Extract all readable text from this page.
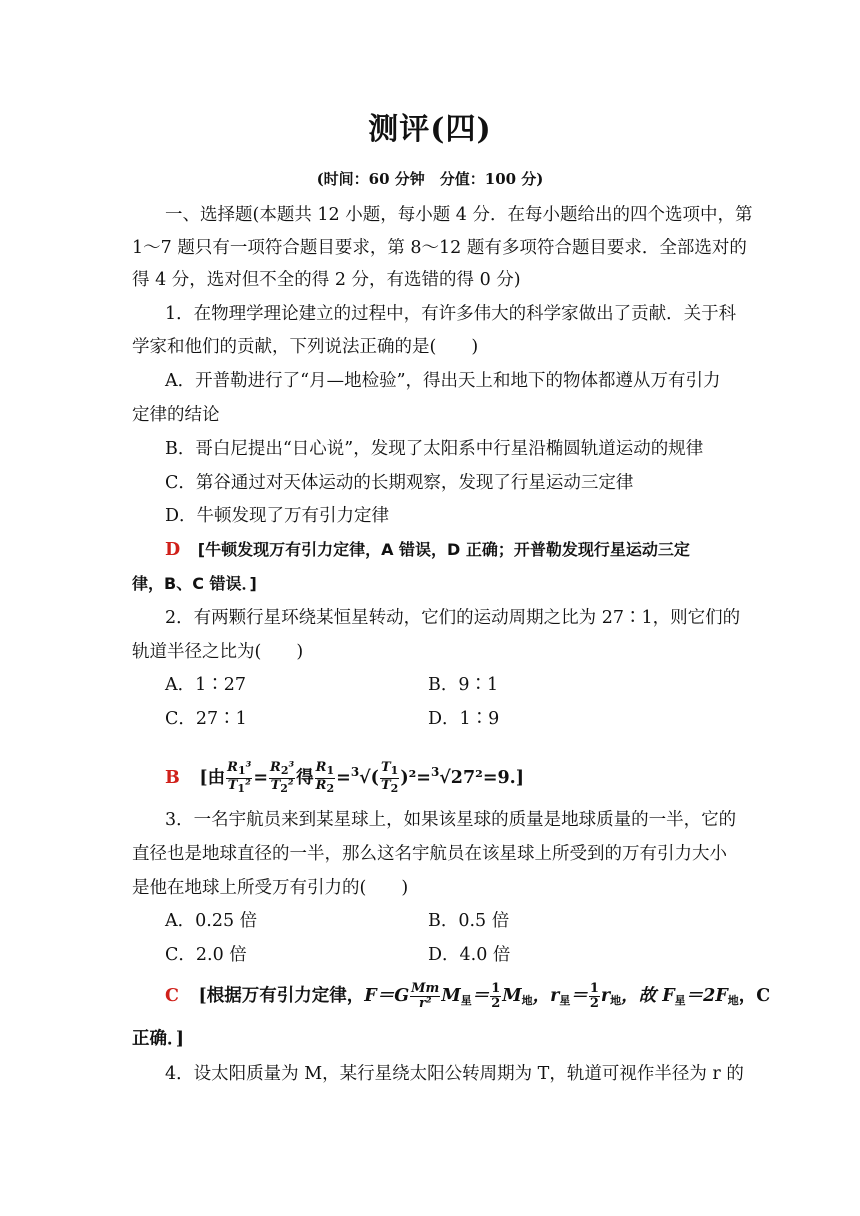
测评(四)
(时间：60 分钟　分值：100 分)
一、选择题(本题共 12 小题，每小题 4 分．在每小题给出的四个选项中，第
1～7 题只有一项符合题目要求，第 8～12 题有多项符合题目要求．全部选对的
得 4 分，选对但不全的得 2 分，有选错的得 0 分)
1．在物理学理论建立的过程中，有许多伟大的科学家做出了贡献．关于科
学家和他们的贡献，下列说法正确的是(　　)
A．开普勒进行了“月—地检验”，得出天上和地下的物体都遵从万有引力
定律的结论
B．哥白尼提出“日心说”，发现了太阳系中行星沿椭圆轨道运动的规律
C．第谷通过对天体运动的长期观察，发现了行星运动三定律
D．牛顿发现了万有引力定律
D [牛顿发现万有引力定律，A 错误，D 正确；开普勒发现行星运动三定
律，B、C 错误．]
2．有两颗行星环绕某恒星转动，它们的运动周期之比为 27∶1，则它们的
轨道半径之比为(　　)
A．1∶27	B．9∶1
C．27∶1	D．1∶9
B [由 $\frac{R_1^3}{T_1^2} = \frac{R_2^3}{T_2^2}$ 得 $\frac{R_1}{R_2} =^3√( \frac{T_1}{T_2} )^2=^3√27^2=9$.]
3．一名宇航员来到某星球上，如果该星球的质量是地球质量的一半，它的
直径也是地球直径的一半，那么这名宇航员在该星球上所受到的万有引力大小
是他在地球上所受万有引力的(　　)
A．0.25 倍	B．0.5 倍
C．2.0 倍	D．4.0 倍
C [根据万有引力定律，$F=G \frac{Mm}{\text{r²}} M_星= \frac{1}{2} M_地$，$r_星= \frac{1}{2} r_地$，故 $F_星=2F_地$，C
正确．]
4．设太阳质量为 M，某行星绕太阳公转周期为 T，轨道可视作半径为 r 的
